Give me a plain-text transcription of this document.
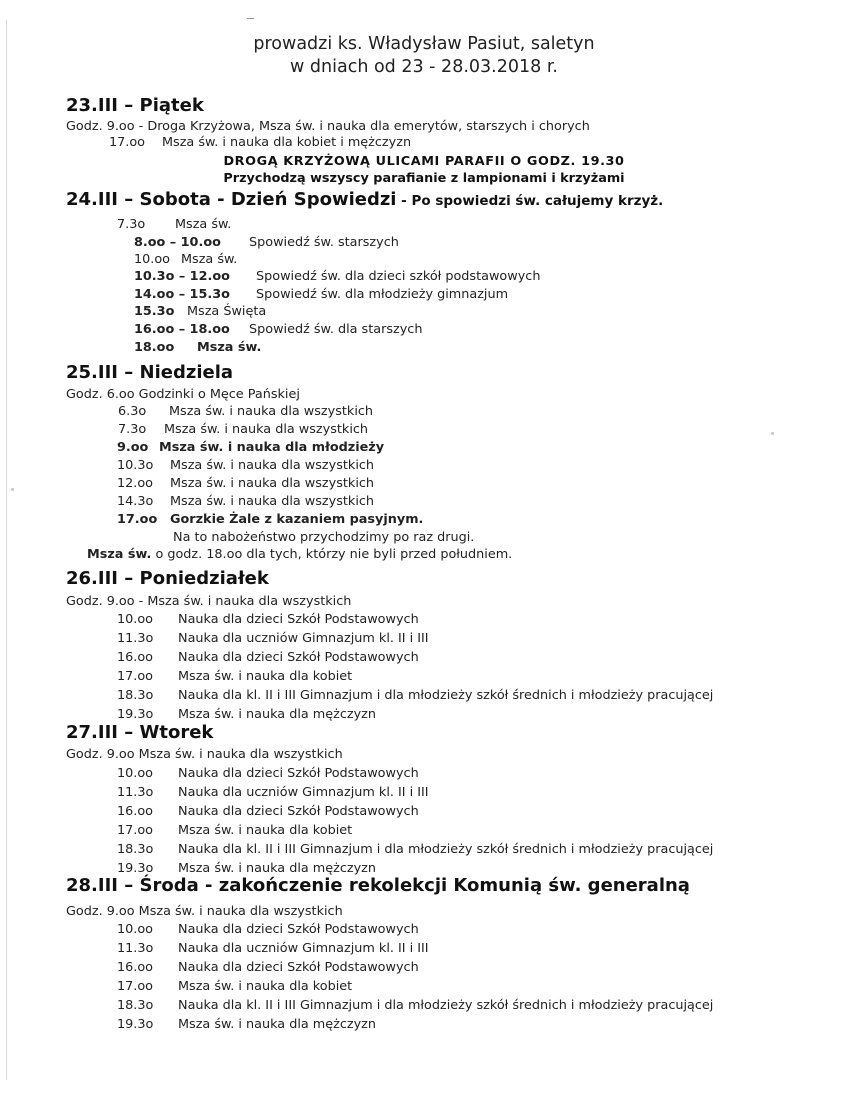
prowadzi ks. Władysław Pasiut, saletyn
w dniach od 23 - 28.03.2018 r.
23.III – Piątek
Godz. 9.oo - Droga Krzyżowa, Msza św. i nauka dla emerytów, starszych i chorych
17.oo Msza św. i nauka dla kobiet i mężczyzn
DROGĄ KRZYŻOWĄ ULICAMI PARAFII O GODZ. 19.30
Przychodzą wszyscy parafianie z lampionami i krzyżami
24.III – Sobota - Dzień Spowiedzi - Po spowiedzi św. całujemy krzyż.
7.3o Msza św.
8.oo – 10.oo Spowiedź św. starszych
10.oo Msza św.
10.3o – 12.oo Spowiedź św. dla dzieci szkół podstawowych
14.oo – 15.3o Spowiedź św. dla młodzieży gimnazjum
15.3o Msza Święta
16.oo – 18.oo Spowiedź św. dla starszych
18.oo Msza św.
25.III – Niedziela
Godz. 6.oo Godzinki o Męce Pańskiej
6.3o Msza św. i nauka dla wszystkich
7.3o Msza św. i nauka dla wszystkich
9.oo Msza św. i nauka dla młodzieży
10.3o Msza św. i nauka dla wszystkich
12.oo Msza św. i nauka dla wszystkich
14.3o Msza św. i nauka dla wszystkich
17.oo Gorzkie Żale z kazaniem pasyjnym.
Na to nabożeństwo przychodzimy po raz drugi.
Msza św. o godz. 18.oo dla tych, którzy nie byli przed południem.
26.III – Poniedziałek
Godz. 9.oo - Msza św. i nauka dla wszystkich
10.oo Nauka dla dzieci Szkół Podstawowych
11.3o Nauka dla uczniów Gimnazjum kl. II i III
16.oo Nauka dla dzieci Szkół Podstawowych
17.oo Msza św. i nauka dla kobiet
18.3o Nauka dla kl. II i III Gimnazjum i dla młodzieży szkół średnich i młodzieży pracującej
19.3o Msza św. i nauka dla mężczyzn
27.III – Wtorek
Godz. 9.oo Msza św. i nauka dla wszystkich
10.oo Nauka dla dzieci Szkół Podstawowych
11.3o Nauka dla uczniów Gimnazjum kl. II i III
16.oo Nauka dla dzieci Szkół Podstawowych
17.oo Msza św. i nauka dla kobiet
18.3o Nauka dla kl. II i III Gimnazjum i dla młodzieży szkół średnich i młodzieży pracującej
19.3o Msza św. i nauka dla mężczyzn
28.III – Środa - zakończenie rekolekcji Komunią św. generalną
Godz. 9.oo Msza św. i nauka dla wszystkich
10.oo Nauka dla dzieci Szkół Podstawowych
11.3o Nauka dla uczniów Gimnazjum kl. II i III
16.oo Nauka dla dzieci Szkół Podstawowych
17.oo Msza św. i nauka dla kobiet
18.3o Nauka dla kl. II i III Gimnazjum i dla młodzieży szkół średnich i młodzieży pracującej
19.3o Msza św. i nauka dla mężczyzn
